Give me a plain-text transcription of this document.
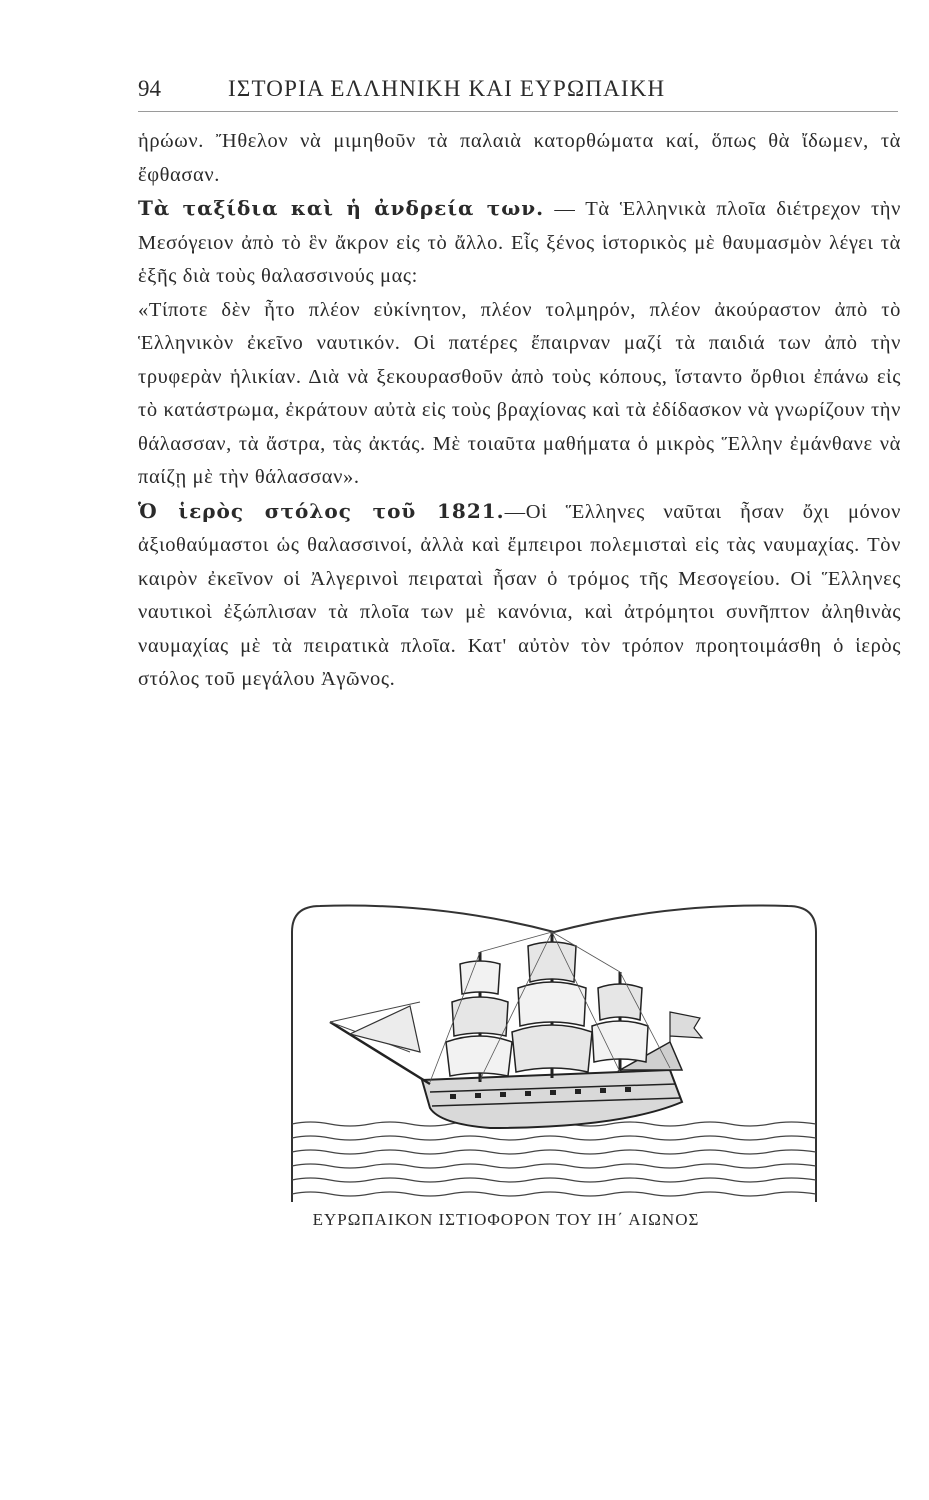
94	ΙΣΤΟΡΙΑ ΕΛΛΗΝΙΚΗ ΚΑΙ ΕΥΡΩΠΑΙΚΗ

ἡρώων. Ἤθελον νὰ μιμηθοῦν τὰ παλαιὰ κατορθώματα καί, ὅπως θὰ ἴδωμεν, τὰ ἔφθασαν.

Τὰ ταξίδια καὶ ἡ ἀνδρεία των. — Τὰ Ἑλληνικὰ πλοῖα διέτρεχον τὴν Μεσόγειον ἀπὸ τὸ ἓν ἄκρον εἰς τὸ ἄλλο. Εἷς ξένος ἱστορικὸς μὲ θαυμασμὸν λέγει τὰ ἑξῆς διὰ τοὺς θαλασσινούς μας:

«Τίποτε δὲν ἦτο πλέον εὐκίνητον, πλέον τολμηρόν, πλέον ἀκούραστον ἀπὸ τὸ Ἑλληνικὸν ἐκεῖνο ναυτικόν. Οἱ πατέρες ἔπαιρναν μαζί τὰ παιδιά των ἀπὸ τὴν τρυφερὰν ἡλικίαν. Διὰ νὰ ξεκουρασθοῦν ἀπὸ τοὺς κόπους, ἵσταντο ὄρθιοι ἐπάνω εἰς τὸ κατάστρωμα, ἐκράτουν αὐτὰ εἰς τοὺς βραχίονας καὶ τὰ ἐδίδασκον νὰ γνωρίζουν τὴν θάλασσαν, τὰ ἄστρα, τὰς ἀκτάς. Μὲ τοιαῦτα μαθήματα ὁ μικρὸς Ἕλλην ἐμάνθανε νὰ παίζῃ μὲ τὴν θάλασσαν».

Ὁ ἱερὸς στόλος τοῦ 1821.—Οἱ Ἕλληνες ναῦται ἦσαν ὄχι μόνον ἀξιοθαύμαστοι ὡς θαλασσινοί, ἀλλὰ καὶ ἔμπειροι πολεμισταὶ εἰς τὰς ναυμαχίας. Τὸν καιρὸν ἐκεῖνον οἱ Ἀλγερινοὶ πειραταὶ ἦσαν ὁ τρόμος τῆς Μεσογείου. Οἱ Ἕλληνες ναυτικοὶ ἐξώπλισαν τὰ πλοῖα των μὲ κανόνια, καὶ ἀτρόμητοι συνῆπτον ἀληθινὰς ναυμαχίας μὲ τὰ πειρατικὰ πλοῖα. Κατ' αὐτὸν τὸν τρόπον προητοιμάσθη ὁ ἱερὸς στόλος τοῦ μεγάλου Ἀγῶνος.

ΕΥΡΩΠΑΙΚΟΝ ΙΣΤΙΟΦΟΡΟΝ ΤΟΥ ΙΗ΄ ΑΙΩΝΟΣ
